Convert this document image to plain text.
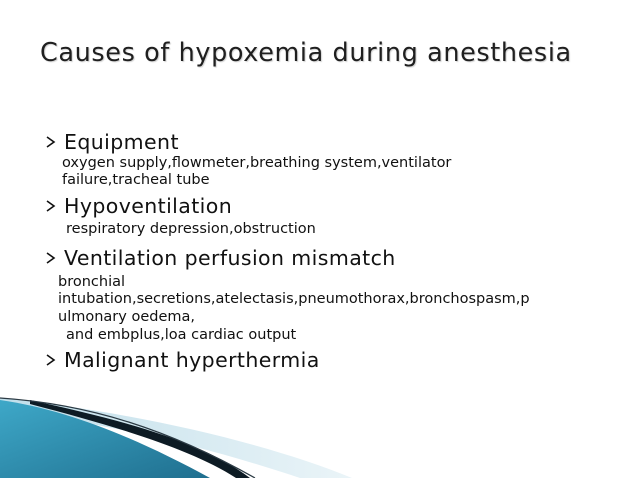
Causes of hypoxemia during anesthesia
Equipment
oxygen supply,flowmeter,breathing system,ventilator
failure,tracheal tube
Hypoventilation
respiratory depression,obstruction
Ventilation perfusion mismatch
bronchial
intubation,secretions,atelectasis,pneumothorax,bronchospasm,p
ulmonary oedema,
and embplus,loa cardiac output
Malignant hyperthermia
